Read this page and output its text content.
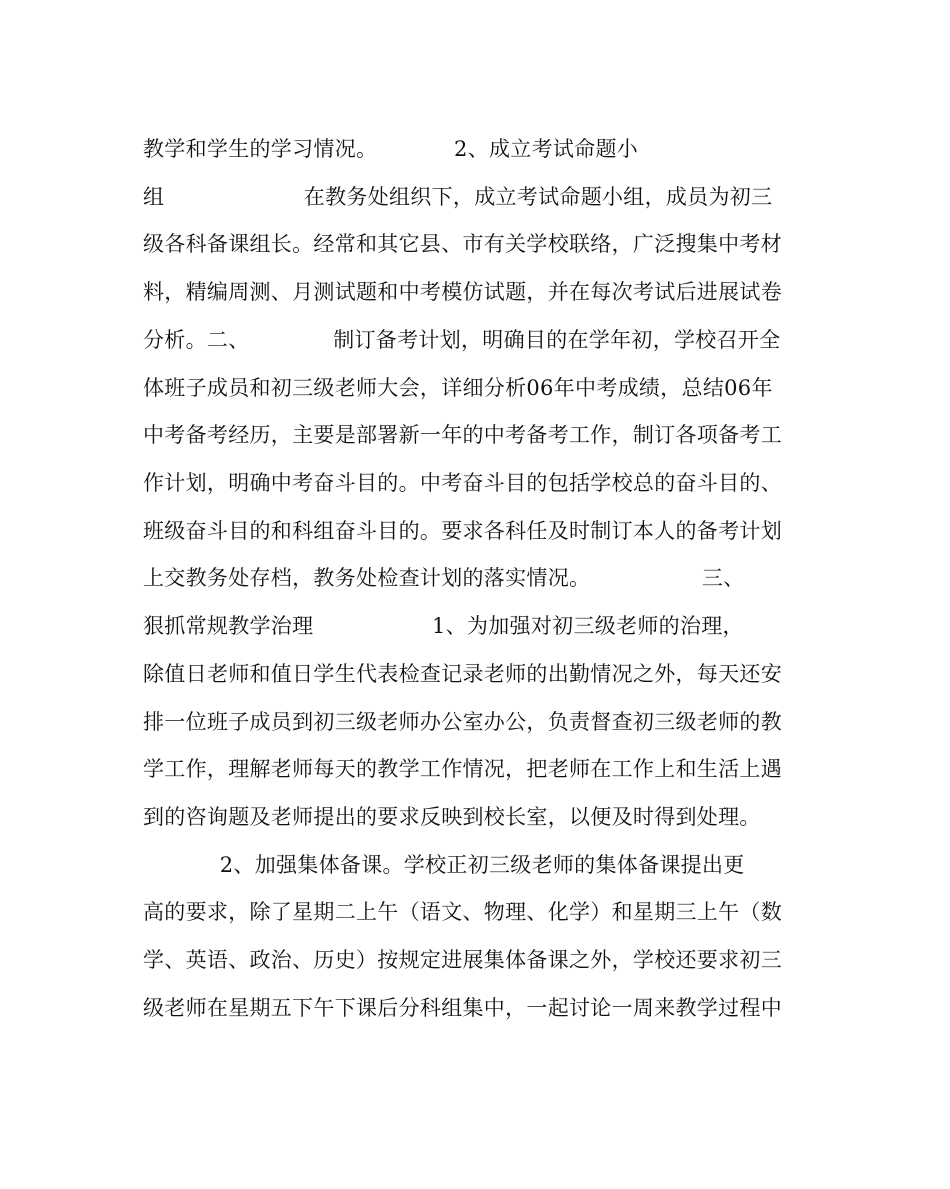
教学和学生的学习情况。           2、成立考试命题小
组                    在教务处组织下，成立考试命题小组，成员为初三
级各科备课组长。经常和其它县、市有关学校联络，广泛搜集中考材
料，精编周测、月测试题和中考模仿试题，并在每次考试后进展试卷
分析。二、            制订备考计划，明确目的在学年初，学校召开全
体班子成员和初三级老师大会，详细分析06年中考成绩，总结06年
中考备考经历，主要是部署新一年的中考备考工作，制订各项备考工
作计划，明确中考奋斗目的。中考奋斗目的包括学校总的奋斗目的、
班级奋斗目的和科组奋斗目的。要求各科任及时制订本人的备考计划
上交教务处存档，教务处检查计划的落实情况。                三、
狠抓常规教学治理                 1、为加强对初三级老师的治理，
除值日老师和值日学生代表检查记录老师的出勤情况之外，每天还安
排一位班子成员到初三级老师办公室办公，负责督查初三级老师的教
学工作，理解老师每天的教学工作情况，把老师在工作上和生活上遇
到的咨询题及老师提出的要求反映到校长室，以便及时得到处理。
2、加强集体备课。学校正初三级老师的集体备课提出更
高的要求，除了星期二上午（语文、物理、化学）和星期三上午（数
学、英语、政治、历史）按规定进展集体备课之外，学校还要求初三
级老师在星期五下午下课后分科组集中，一起讨论一周来教学过程中
